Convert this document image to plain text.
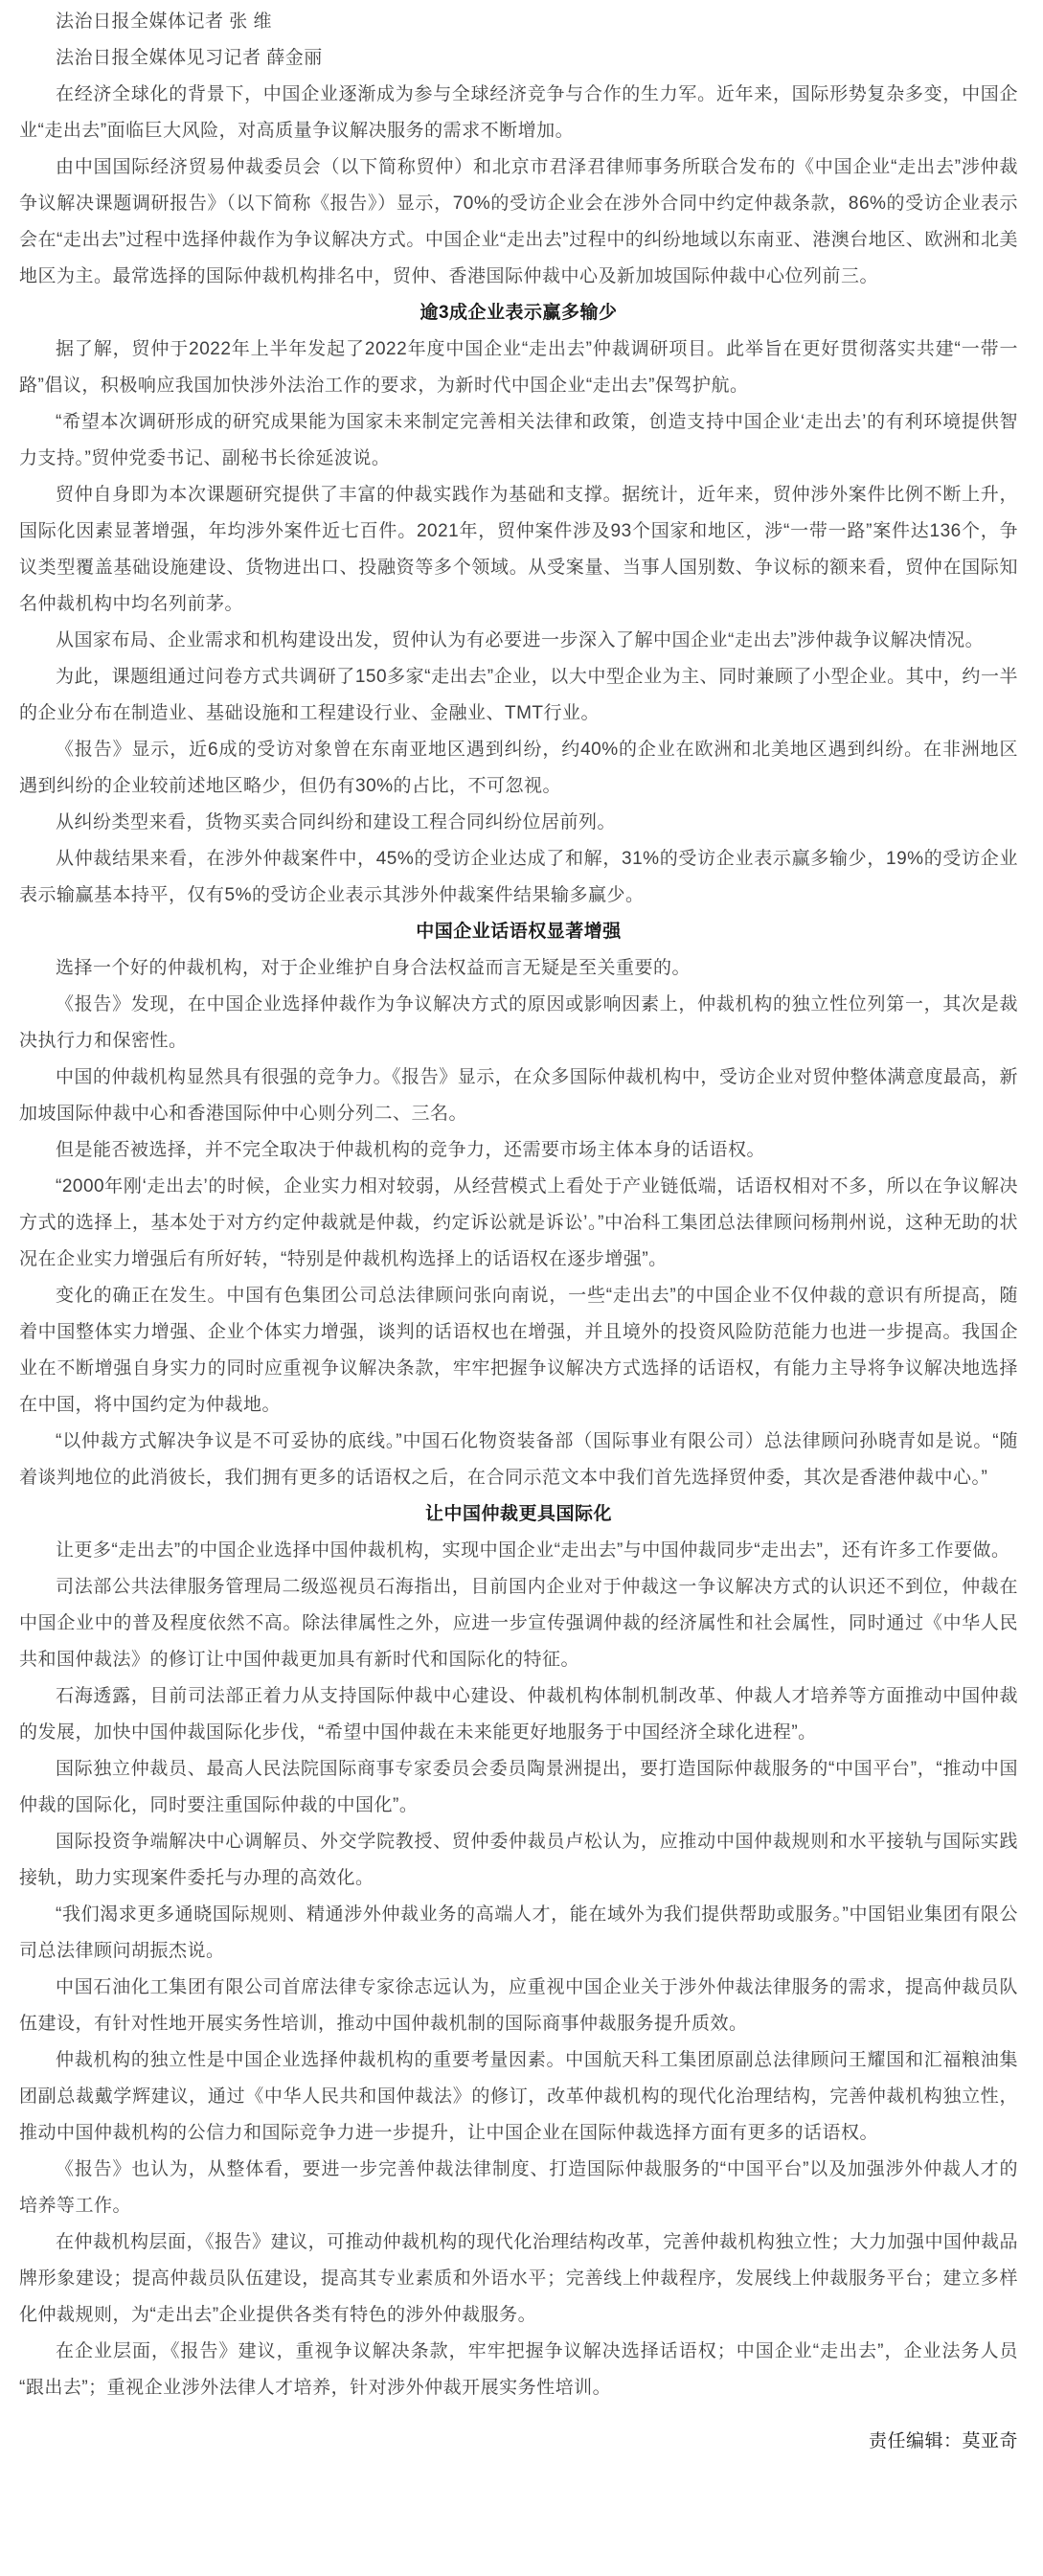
法治日报全媒体记者 张 维

法治日报全媒体见习记者 薛金丽

在经济全球化的背景下，中国企业逐渐成为参与全球经济竞争与合作的生力军。近年来，国际形势复杂多变，中国企业“走出去”面临巨大风险，对高质量争议解决服务的需求不断增加。

由中国国际经济贸易仲裁委员会（以下简称贸仲）和北京市君泽君律师事务所联合发布的《中国企业“走出去”涉仲裁争议解决课题调研报告》（以下简称《报告》）显示，70%的受访企业会在涉外合同中约定仲裁条款，86%的受访企业表示会在“走出去”过程中选择仲裁作为争议解决方式。中国企业“走出去”过程中的纠纷地域以东南亚、港澳台地区、欧洲和北美地区为主。最常选择的国际仲裁机构排名中，贸仲、香港国际仲裁中心及新加坡国际仲裁中心位列前三。

逾3成企业表示赢多输少

据了解，贸仲于2022年上半年发起了2022年度中国企业“走出去”仲裁调研项目。此举旨在更好贯彻落实共建“一带一路”倡议，积极响应我国加快涉外法治工作的要求，为新时代中国企业“走出去”保驾护航。

“希望本次调研形成的研究成果能为国家未来制定完善相关法律和政策，创造支持中国企业‘走出去’的有利环境提供智力支持。”贸仲党委书记、副秘书长徐延波说。

贸仲自身即为本次课题研究提供了丰富的仲裁实践作为基础和支撑。据统计，近年来，贸仲涉外案件比例不断上升，国际化因素显著增强，年均涉外案件近七百件。2021年，贸仲案件涉及93个国家和地区，涉“一带一路”案件达136个，争议类型覆盖基础设施建设、货物进出口、投融资等多个领域。从受案量、当事人国别数、争议标的额来看，贸仲在国际知名仲裁机构中均名列前茅。

从国家布局、企业需求和机构建设出发，贸仲认为有必要进一步深入了解中国企业“走出去”涉仲裁争议解决情况。

为此，课题组通过问卷方式共调研了150多家“走出去”企业，以大中型企业为主、同时兼顾了小型企业。其中，约一半的企业分布在制造业、基础设施和工程建设行业、金融业、TMT行业。

《报告》显示，近6成的受访对象曾在东南亚地区遇到纠纷，约40%的企业在欧洲和北美地区遇到纠纷。在非洲地区遇到纠纷的企业较前述地区略少，但仍有30%的占比，不可忽视。

从纠纷类型来看，货物买卖合同纠纷和建设工程合同纠纷位居前列。

从仲裁结果来看，在涉外仲裁案件中，45%的受访企业达成了和解，31%的受访企业表示赢多输少，19%的受访企业表示输赢基本持平，仅有5%的受访企业表示其涉外仲裁案件结果输多赢少。

中国企业话语权显著增强

选择一个好的仲裁机构，对于企业维护自身合法权益而言无疑是至关重要的。

《报告》发现，在中国企业选择仲裁作为争议解决方式的原因或影响因素上，仲裁机构的独立性位列第一，其次是裁决执行力和保密性。

中国的仲裁机构显然具有很强的竞争力。《报告》显示，在众多国际仲裁机构中，受访企业对贸仲整体满意度最高，新加坡国际仲裁中心和香港国际仲中心则分列二、三名。

但是能否被选择，并不完全取决于仲裁机构的竞争力，还需要市场主体本身的话语权。

“2000年刚‘走出去’的时候，企业实力相对较弱，从经营模式上看处于产业链低端，话语权相对不多，所以在争议解决方式的选择上，基本处于对方约定仲裁就是仲裁，约定诉讼就是诉讼’。”中冶科工集团总法律顾问杨荆州说，这种无助的状况在企业实力增强后有所好转，“特别是仲裁机构选择上的话语权在逐步增强”。

变化的确正在发生。中国有色集团公司总法律顾问张向南说，一些“走出去”的中国企业不仅仲裁的意识有所提高，随着中国整体实力增强、企业个体实力增强，谈判的话语权也在增强，并且境外的投资风险防范能力也进一步提高。我国企业在不断增强自身实力的同时应重视争议解决条款，牢牢把握争议解决方式选择的话语权，有能力主导将争议解决地选择在中国，将中国约定为仲裁地。

“以仲裁方式解决争议是不可妥协的底线。”中国石化物资装备部（国际事业有限公司）总法律顾问孙晓青如是说。“随着谈判地位的此消彼长，我们拥有更多的话语权之后，在合同示范文本中我们首先选择贸仲委，其次是香港仲裁中心。”

让中国仲裁更具国际化

让更多“走出去”的中国企业选择中国仲裁机构，实现中国企业“走出去”与中国仲裁同步“走出去”，还有许多工作要做。

司法部公共法律服务管理局二级巡视员石海指出，目前国内企业对于仲裁这一争议解决方式的认识还不到位，仲裁在中国企业中的普及程度依然不高。除法律属性之外，应进一步宣传强调仲裁的经济属性和社会属性，同时通过《中华人民共和国仲裁法》的修订让中国仲裁更加具有新时代和国际化的特征。

石海透露，目前司法部正着力从支持国际仲裁中心建设、仲裁机构体制机制改革、仲裁人才培养等方面推动中国仲裁的发展，加快中国仲裁国际化步伐，“希望中国仲裁在未来能更好地服务于中国经济全球化进程”。

国际独立仲裁员、最高人民法院国际商事专家委员会委员陶景洲提出，要打造国际仲裁服务的“中国平台”，“推动中国仲裁的国际化，同时要注重国际仲裁的中国化”。

国际投资争端解决中心调解员、外交学院教授、贸仲委仲裁员卢松认为，应推动中国仲裁规则和水平接轨与国际实践接轨，助力实现案件委托与办理的高效化。

“我们渴求更多通晓国际规则、精通涉外仲裁业务的高端人才，能在域外为我们提供帮助或服务。”中国铝业集团有限公司总法律顾问胡振杰说。

中国石油化工集团有限公司首席法律专家徐志远认为，应重视中国企业关于涉外仲裁法律服务的需求，提高仲裁员队伍建设，有针对性地开展实务性培训，推动中国仲裁机制的国际商事仲裁服务提升质效。

仲裁机构的独立性是中国企业选择仲裁机构的重要考量因素。中国航天科工集团原副总法律顾问王耀国和汇福粮油集团副总裁戴学辉建议，通过《中华人民共和国仲裁法》的修订，改革仲裁机构的现代化治理结构，完善仲裁机构独立性，推动中国仲裁机构的公信力和国际竞争力进一步提升，让中国企业在国际仲裁选择方面有更多的话语权。

《报告》也认为，从整体看，要进一步完善仲裁法律制度、打造国际仲裁服务的“中国平台”以及加强涉外仲裁人才的培养等工作。

在仲裁机构层面，《报告》建议，可推动仲裁机构的现代化治理结构改革，完善仲裁机构独立性；大力加强中国仲裁品牌形象建设；提高仲裁员队伍建设，提高其专业素质和外语水平；完善线上仲裁程序，发展线上仲裁服务平台；建立多样化仲裁规则，为“走出去”企业提供各类有特色的涉外仲裁服务。

在企业层面，《报告》建议，重视争议解决条款，牢牢把握争议解决选择话语权；中国企业“走出去”，企业法务人员“跟出去”；重视企业涉外法律人才培养，针对涉外仲裁开展实务性培训。

责任编辑：莫亚奇
